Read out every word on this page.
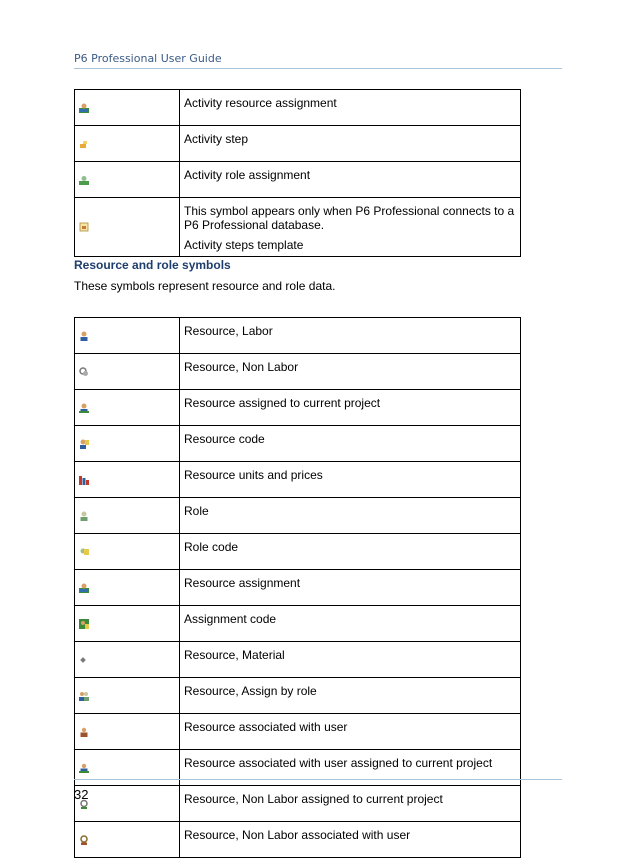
P6 Professional User Guide
	Activity resource assignment

	Activity step

	Activity role assignment

This symbol appears only when P6 Professional connects to a P6 Professional database.

Activity steps template

Resource and role symbols
These symbols represent resource and role data.
	Resource, Labor

	Resource, Non Labor

	Resource assigned to current project

	Resource code

	Resource units and prices

	Role

	Role code

	Resource assignment

	Assignment code

	Resource, Material

	Resource, Assign by role

	Resource associated with user

	Resource associated with user assigned to current project

	Resource, Non Labor assigned to current project

	Resource, Non Labor associated with user
32
